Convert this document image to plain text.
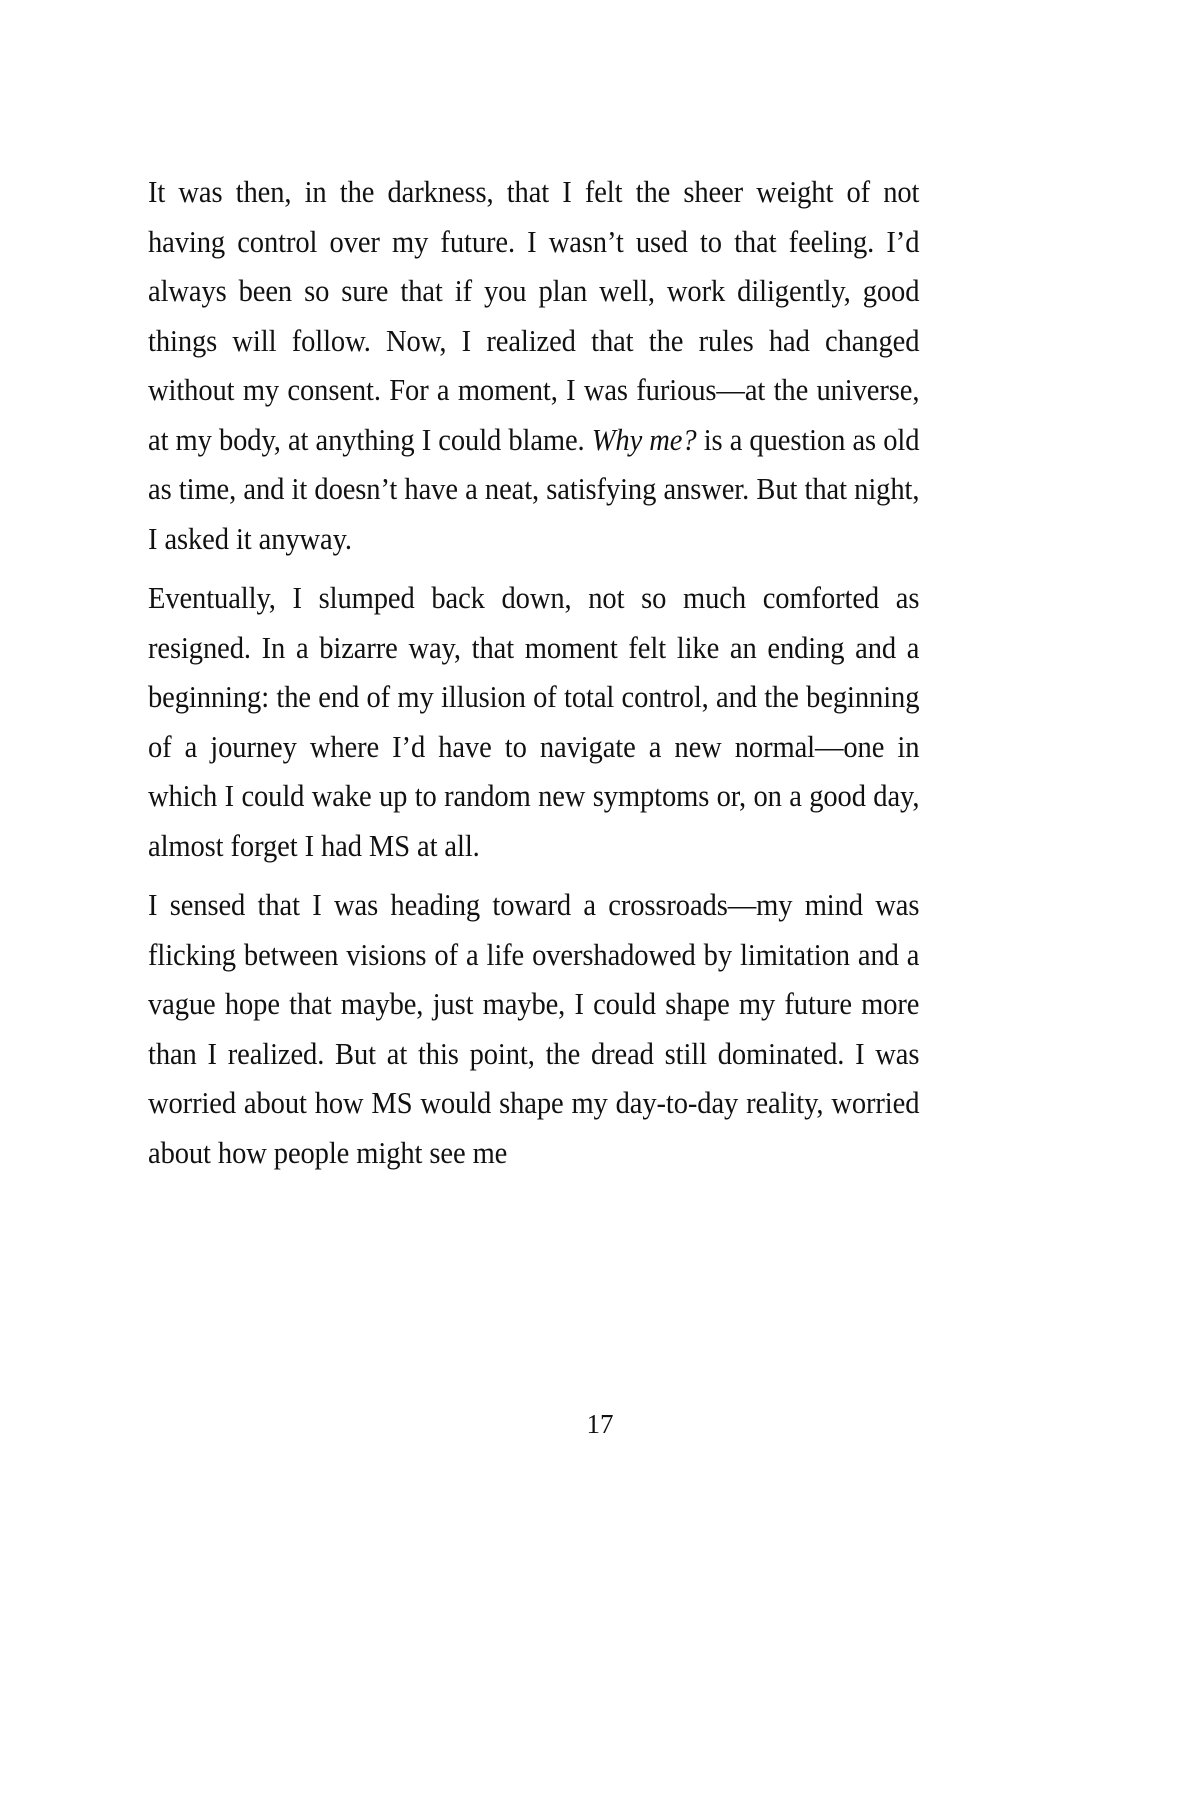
It was then, in the darkness, that I felt the sheer weight of not having control over my future. I wasn’t used to that feeling. I’d always been so sure that if you plan well, work diligently, good things will follow. Now, I realized that the rules had changed without my consent. For a moment, I was furious—at the universe, at my body, at anything I could blame. Why me? is a question as old as time, and it doesn’t have a neat, satisfying answer. But that night, I asked it anyway.

Eventually, I slumped back down, not so much comforted as resigned. In a bizarre way, that moment felt like an ending and a beginning: the end of my illusion of total control, and the beginning of a journey where I’d have to navigate a new normal—one in which I could wake up to random new symptoms or, on a good day, almost forget I had MS at all.

I sensed that I was heading toward a crossroads—my mind was flicking between visions of a life overshadowed by limitation and a vague hope that maybe, just maybe, I could shape my future more than I realized. But at this point, the dread still dominated. I was worried about how MS would shape my day-to-day reality, worried about how people might see me

17
